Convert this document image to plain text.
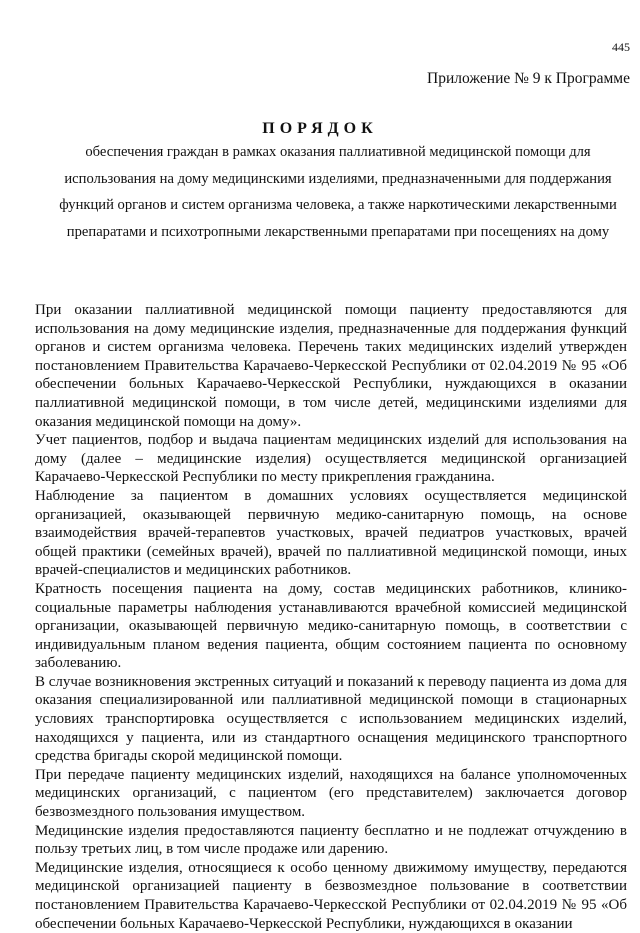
445
Приложение № 9 к Программе
ПОРЯДОК
обеспечения граждан в рамках оказания паллиативной медицинской помощи для использования на дому медицинскими изделиями, предназначенными для поддержания функций органов и систем организма человека, а также наркотическими лекарственными препаратами и психотропными лекарственными препаратами при посещениях на дому

При оказании паллиативной медицинской помощи пациенту предоставляются для использования на дому медицинские изделия, предназначенные для поддержания функций органов и систем организма человека. Перечень таких медицинских изделий утвержден постановлением Правительства Карачаево-Черкесской Республики от 02.04.2019 № 95 «Об обеспечении больных Карачаево-Черкесской Республики, нуждающихся в оказании паллиативной медицинской помощи, в том числе детей, медицинскими изделиями для оказания медицинской помощи на дому».

Учет пациентов, подбор и выдача пациентам медицинских изделий для использования на дому (далее – медицинские изделия) осуществляется медицинской организацией Карачаево-Черкесской Республики по месту прикрепления гражданина.

Наблюдение за пациентом в домашних условиях осуществляется медицинской организацией, оказывающей первичную медико-санитарную помощь, на основе взаимодействия врачей-терапевтов участковых, врачей педиатров участковых, врачей общей практики (семейных врачей), врачей по паллиативной медицинской помощи, иных врачей-специалистов и медицинских работников.

Кратность посещения пациента на дому, состав медицинских работников, клинико-социальные параметры наблюдения устанавливаются врачебной комиссией медицинской организации, оказывающей первичную медико-санитарную помощь, в соответствии с индивидуальным планом ведения пациента, общим состоянием пациента по основному заболеванию.

В случае возникновения экстренных ситуаций и показаний к переводу пациента из дома для оказания специализированной или паллиативной медицинской помощи в стационарных условиях транспортировка осуществляется с использованием медицинских изделий, находящихся у пациента, или из стандартного оснащения медицинского транспортного средства бригады скорой медицинской помощи.

При передаче пациенту медицинских изделий, находящихся на балансе уполномоченных медицинских организаций, с пациентом (его представителем) заключается договор безвозмездного пользования имуществом.

Медицинские изделия предоставляются пациенту бесплатно и не подлежат отчуждению в пользу третьих лиц, в том числе продаже или дарению.

Медицинские изделия, относящиеся к особо ценному движимому имуществу, передаются медицинской организацией пациенту в безвозмездное пользование в соответствии постановлением Правительства Карачаево-Черкесской Республики от 02.04.2019 № 95 «Об обеспечении больных Карачаево-Черкесской Республики, нуждающихся в оказании
